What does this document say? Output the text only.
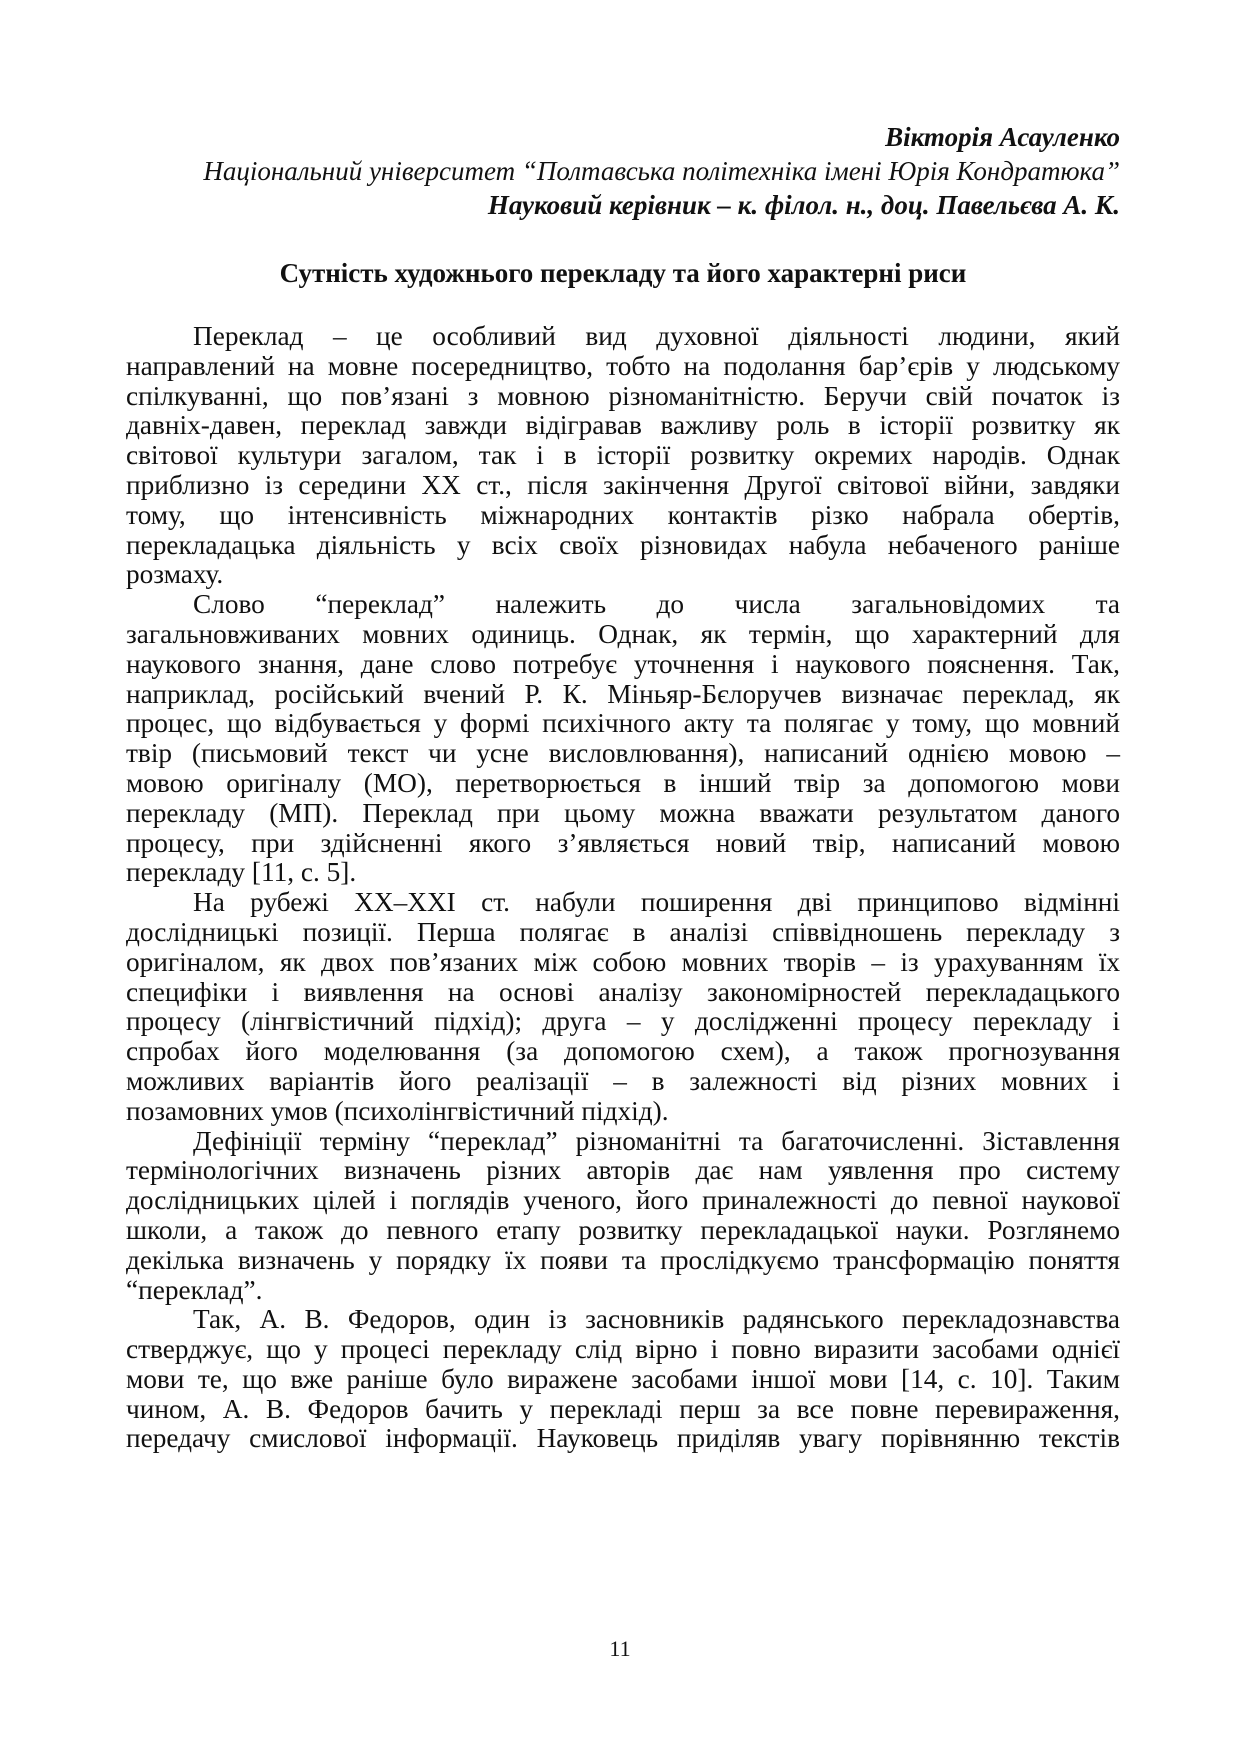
Вікторія Асауленко
Національний університет “Полтавська політехніка імені Юрія Кондратюка”
Науковий керівник – к. філол. н., доц. Павельєва А. К.
Сутність художнього перекладу та його характерні риси
Переклад – це особливий вид духовної діяльності людини, який
направлений на мовне посередництво, тобто на подолання бар’єрів у людському
спілкуванні, що пов’язані з мовною різноманітністю. Беручи свій початок із
давніх-давен, переклад завжди відігравав важливу роль в історії розвитку як
світової культури загалом, так і в історії розвитку окремих народів. Однак
приблизно із середини ХХ ст., після закінчення Другої світової війни, завдяки
тому, що інтенсивність міжнародних контактів різко набрала обертів,
перекладацька діяльність у всіх своїх різновидах набула небаченого раніше
розмаху.
Слово “переклад” належить до числа загальновідомих та
загальновживаних мовних одиниць. Однак, як термін, що характерний для
наукового знання, дане слово потребує уточнення і наукового пояснення. Так,
наприклад, російський вчений Р. К. Міньяр-Бєлоручев визначає переклад, як
процес, що відбувається у формі психічного акту та полягає у тому, що мовний
твір (письмовий текст чи усне висловлювання), написаний однією мовою –
мовою оригіналу (МО), перетворюється в інший твір за допомогою мови
перекладу (МП). Переклад при цьому можна вважати результатом даного
процесу, при здійсненні якого з’являється новий твір, написаний мовою
перекладу [11, с. 5].
На рубежі ХХ–ХХІ ст. набули поширення дві принципово відмінні
дослідницькі позиції. Перша полягає в аналізі співвідношень перекладу з
оригіналом, як двох пов’язаних між собою мовних творів – із урахуванням їх
специфіки і виявлення на основі аналізу закономірностей перекладацького
процесу (лінгвістичний підхід); друга – у дослідженні процесу перекладу і
спробах його моделювання (за допомогою схем), а також прогнозування
можливих варіантів його реалізації – в залежності від різних мовних і
позамовних умов (психолінгвістичний підхід).
Дефініції терміну “переклад” різноманітні та багаточисленні. Зіставлення
термінологічних визначень різних авторів дає нам уявлення про систему
дослідницьких цілей і поглядів ученого, його приналежності до певної наукової
школи, а також до певного етапу розвитку перекладацької науки. Розглянемо
декілька визначень у порядку їх появи та прослідкуємо трансформацію поняття
“переклад”.
Так, А. В. Федоров, один із засновників радянського перекладознавства
стверджує, що у процесі перекладу слід вірно і повно виразити засобами однієї
мови те, що вже раніше було виражене засобами іншої мови [14, с. 10]. Таким
чином, А. В. Федоров бачить у перекладі перш за все повне перевираження,
передачу смислової інформації. Науковець приділяв увагу порівнянню текстів
11
